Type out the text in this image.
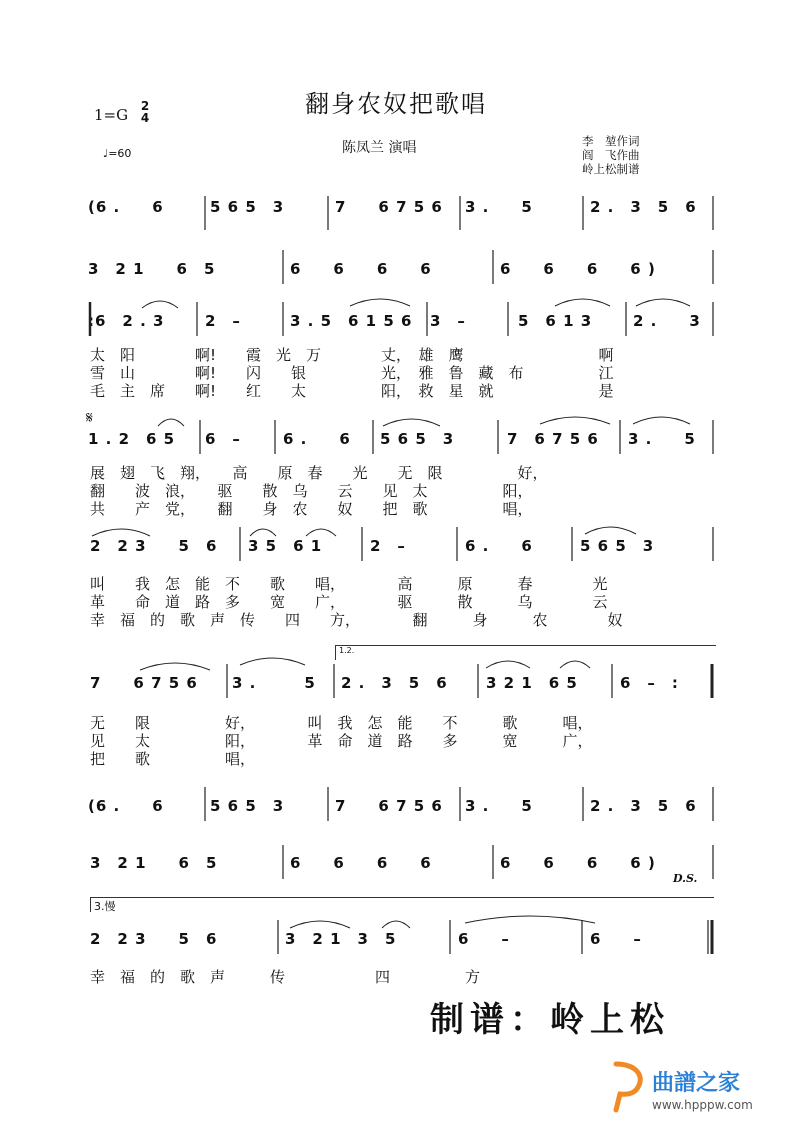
翻身农奴把歌唱
1=G 2
4
♩=60	陈凤兰 演唱	李　堃作词
阎　飞作曲
岭上松制谱
𝄋
1.2.
3.慢
D.S.
(6 .　　6	5 6 5　3	7　　6 7 5 6 3 .　　5	2 .　3　5　6
3　2 1　　6　5	6　　6　　6　　6	6　　6　　6　　6 )
:6　2 . 3	2　–	3 . 5　6 1 5 6 3　–	5　6 1 3	2 .　　3
1 . 2　6 5 6　–	6 .　　6 5 6 5　3	7　6 7 5 6 3 .　　5
2　2 3　　5　6 3 5　6 1	2　–	6 .　　6	5 6 5　3
7　　6 7 5 6 3 .　　　5 2 .　3　5　6	3 2 1　6 5	6　–　:
(6 .　　6	5 6 5　3	7　　6 7 5 6 3 .　　5	2 .　3　5　6
3　2 1　　6　5	6　　6　　6　　6	6　　6　　6　　6 )
2　2 3　　5　6	3　2 1　3　5	6　　–	6　　–
太　阳　　　　啊!　　霞　光　万　　　　丈，　雄　鹰　　　　　　　　　啊
雪　山　　　　啊!　　闪　　银　　　　　光，　雅　鲁　藏　布　　　　　江
毛　主　席　　啊!　　红　　太　　　　　阳，　救　星　就　　　　　　　是
展　翅　飞　翔，　　高　　原　春　　光　　无　限　　　　　好，
翻　　波　浪，　　驱　　散　乌　　云　　见　太　　　　　阳，
共　　产　党，　　翻　　身　农　　奴　　把　歌　　　　　唱，
叫　　我　怎　能　不　　歌　　唱，　　　　高　　　原　　　春　　　　光
革　　命　道　路　多　　宽　　广，　　　　驱　　　散　　　乌　　　　云
幸　福　的　歌　声　传　　四　　方，　　　　翻　　　身　　　农　　　　奴
无　　限　　　　　好，　　　　叫　我　怎　能　　不　　　歌　　　唱，
见　　太　　　　　阳，　　　　革　命　道　路　　多　　　宽　　　广，
把　　歌　　　　　唱，
幸　福　的　歌　声　　　传　　　　　　四　　　　　方
制谱：岭上松
曲譜之家
www.hpppw.com
